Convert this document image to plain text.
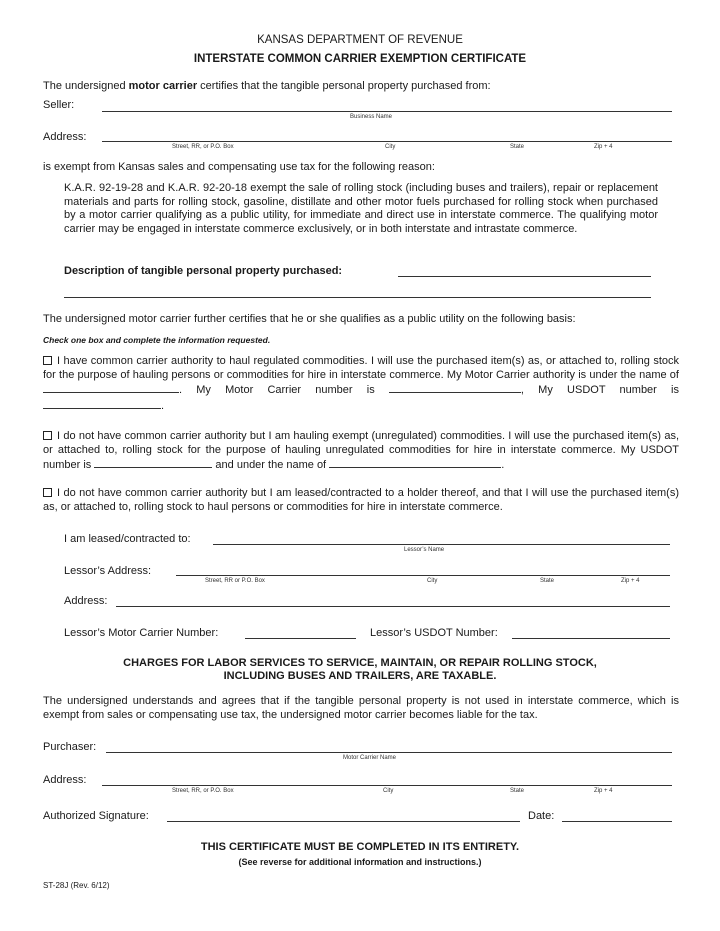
KANSAS DEPARTMENT OF REVENUE
INTERSTATE COMMON CARRIER EXEMPTION CERTIFICATE
The undersigned motor carrier certifies that the tangible personal property purchased from:
Seller:
Business Name
Address:
Street, RR, or P.O. Box	City	State	Zip + 4
is exempt from Kansas sales and compensating use tax for the following reason:
K.A.R. 92-19-28 and K.A.R. 92-20-18 exempt the sale of rolling stock (including buses and trailers), repair or replacement materials and parts for rolling stock, gasoline, distillate and other motor fuels purchased for rolling stock when purchased by a motor carrier qualifying as a public utility, for immediate and direct use in interstate commerce. The qualifying motor carrier may be engaged in interstate commerce exclusively, or in both interstate and intrastate commerce.
Description of tangible personal property purchased:
The undersigned motor carrier further certifies that he or she qualifies as a public utility on the following basis:
Check one box and complete the information requested.
I have common carrier authority to haul regulated commodities. I will use the purchased item(s) as, or attached to, rolling stock for the purpose of hauling persons or commodities for hire in interstate commerce. My Motor Carrier authority is under the name of . My Motor Carrier number is	, My USDOT number is .
I do not have common carrier authority but I am hauling exempt (unregulated) commodities. I will use the purchased item(s) as, or attached to, rolling stock for the purpose of hauling unregulated commodities for hire in interstate commerce. My USDOT number is	and under the name of	.
I do not have common carrier authority but I am leased/contracted to a holder thereof, and that I will use the purchased item(s) as, or attached to, rolling stock to haul persons or commodities for hire in interstate commerce.
I am leased/contracted to:
Lessor’s Name
Lessor’s Address:
Street, RR or P.O. Box	City	State	Zip + 4
Address:
Lessor’s Motor Carrier Number:	Lessor’s USDOT Number:
CHARGES FOR LABOR SERVICES TO SERVICE, MAINTAIN, OR REPAIR ROLLING STOCK,
INCLUDING BUSES AND TRAILERS, ARE TAXABLE.
The undersigned understands and agrees that if the tangible personal property is not used in interstate commerce, which is exempt from sales or compensating use tax, the undersigned motor carrier becomes liable for the tax.
Purchaser:
Motor Carrier Name
Address:
Street, RR, or P.O. Box	City	State	Zip + 4
Authorized Signature:	Date:
THIS CERTIFICATE MUST BE COMPLETED IN ITS ENTIRETY.
(See reverse for additional information and instructions.)
ST-28J (Rev. 6/12)
